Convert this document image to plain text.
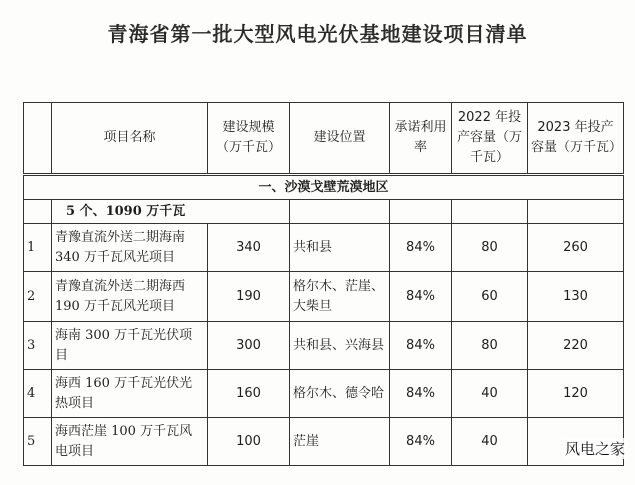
青海省第一批大型风电光伏基地建设项目清单
	项目名称	建设规模（万千瓦）	建设位置	承诺利用率	2022 年投产容量（万千瓦）	2023 年投产容量（万千瓦）
一、沙漠戈壁荒漠地区						
	5 个、1090 万千瓦					
1	青豫直流外送二期海南 340 万千瓦风光项目	340	共和县	84%	80	260
2	青豫直流外送二期海西 190 万千瓦风光项目	190	格尔木、茫崖、大柴旦	84%	60	130
3	海南 300 万千瓦光伏项目	300	共和县、兴海县	84%	80	220
4	海西 160 万千瓦光伏光热项目	160	格尔木、德令哈	84%	40	120
5	海西茫崖 100 万千瓦风电项目	100	茫崖	84%	40		风电之家
